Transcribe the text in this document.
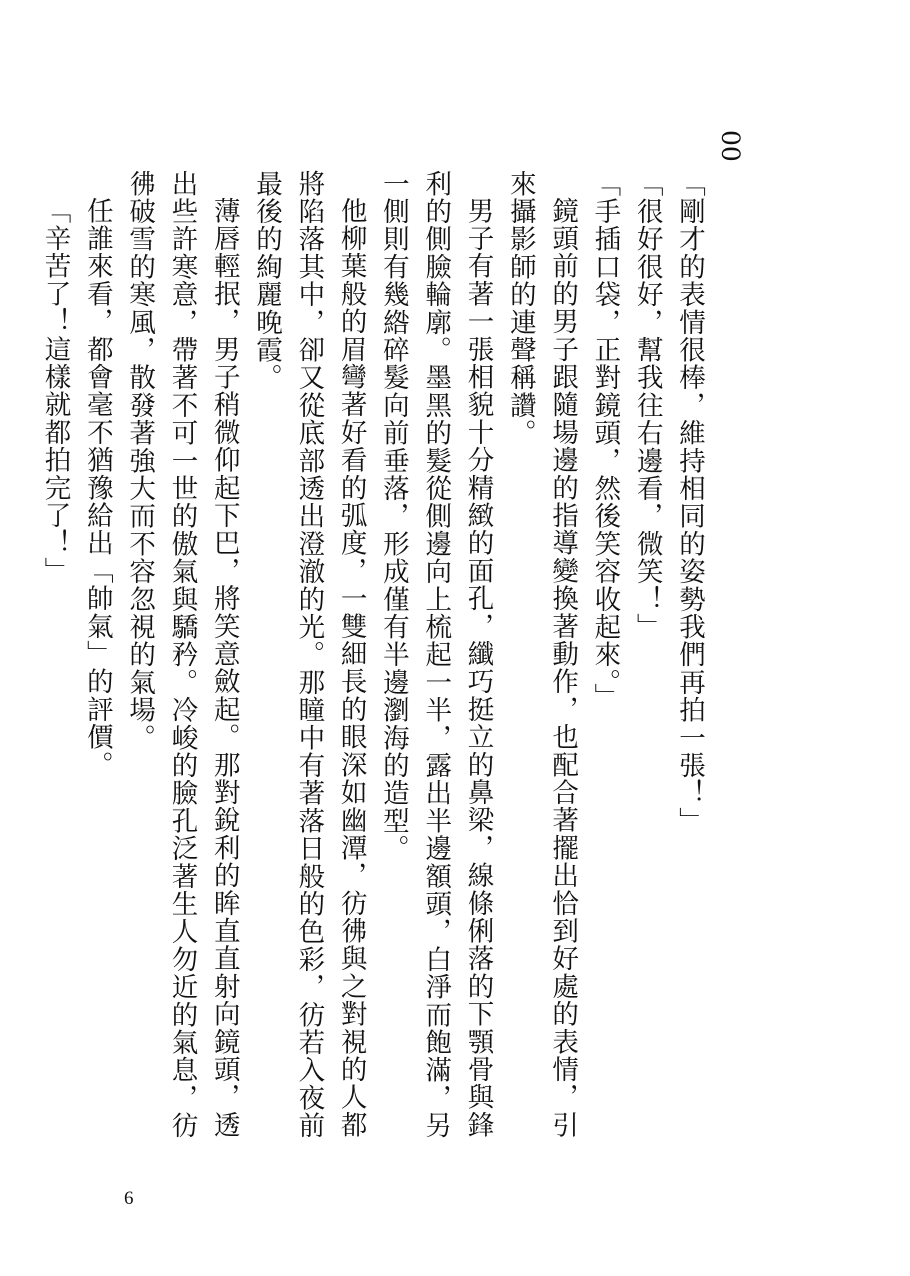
00

「剛才的表情很棒，維持相同的姿勢我們再拍一張！」

「很好很好，幫我往右邊看，微笑！」

「手插口袋，正對鏡頭，然後笑容收起來。」

鏡頭前的男子跟隨場邊的指導變換著動作，也配合著擺出恰到好處的表情，引來攝影師的連聲稱讚。

男子有著一張相貌十分精緻的面孔，纖巧挺立的鼻梁，線條俐落的下顎骨與鋒利的側臉輪廓。墨黑的髮從側邊向上梳起一半，露出半邊額頭，白淨而飽滿，另一側則有幾綹碎髮向前垂落，形成僅有半邊瀏海的造型。

他柳葉般的眉彎著好看的弧度，一雙細長的眼深如幽潭，彷彿與之對視的人都將陷落其中，卻又從底部透出澄澈的光。那瞳中有著落日般的色彩，彷若入夜前最後的絢麗晚霞。

薄唇輕抿，男子稍微仰起下巴，將笑意斂起。那對銳利的眸直直射向鏡頭，透出些許寒意，帶著不可一世的傲氣與驕矜。冷峻的臉孔泛著生人勿近的氣息，彷彿破雪的寒風，散發著強大而不容忽視的氣場。

任誰來看，都會毫不猶豫給出「帥氣」的評價。

「辛苦了！這樣就都拍完了！」

6
